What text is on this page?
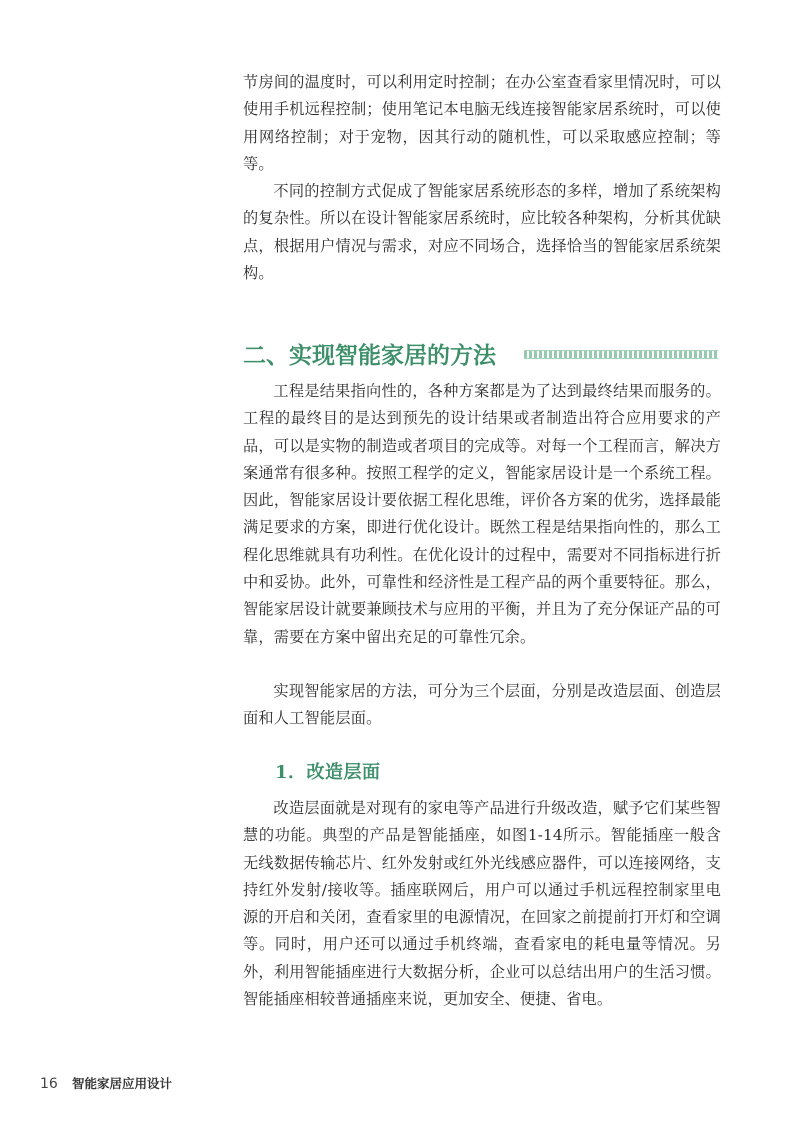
节房间的温度时，可以利用定时控制；在办公室查看家里情况时，可以使用手机远程控制；使用笔记本电脑无线连接智能家居系统时，可以使用网络控制；对于宠物，因其行动的随机性，可以采取感应控制；等等。

不同的控制方式促成了智能家居系统形态的多样，增加了系统架构的复杂性。所以在设计智能家居系统时，应比较各种架构，分析其优缺点，根据用户情况与需求，对应不同场合，选择恰当的智能家居系统架构。

二、实现智能家居的方法

工程是结果指向性的，各种方案都是为了达到最终结果而服务的。工程的最终目的是达到预先的设计结果或者制造出符合应用要求的产品，可以是实物的制造或者项目的完成等。对每一个工程而言，解决方案通常有很多种。按照工程学的定义，智能家居设计是一个系统工程。因此，智能家居设计要依据工程化思维，评价各方案的优劣，选择最能满足要求的方案，即进行优化设计。既然工程是结果指向性的，那么工程化思维就具有功利性。在优化设计的过程中，需要对不同指标进行折中和妥协。此外，可靠性和经济性是工程产品的两个重要特征。那么，智能家居设计就要兼顾技术与应用的平衡，并且为了充分保证产品的可靠，需要在方案中留出充足的可靠性冗余。

实现智能家居的方法，可分为三个层面，分别是改造层面、创造层面和人工智能层面。

1．改造层面

改造层面就是对现有的家电等产品进行升级改造，赋予它们某些智慧的功能。典型的产品是智能插座，如图1-14所示。智能插座一般含无线数据传输芯片、红外发射或红外光线感应器件，可以连接网络，支持红外发射/接收等。插座联网后，用户可以通过手机远程控制家里电源的开启和关闭，查看家里的电源情况，在回家之前提前打开灯和空调等。同时，用户还可以通过手机终端，查看家电的耗电量等情况。另外，利用智能插座进行大数据分析，企业可以总结出用户的生活习惯。智能插座相较普通插座来说，更加安全、便捷、省电。

16 智能家居应用设计
